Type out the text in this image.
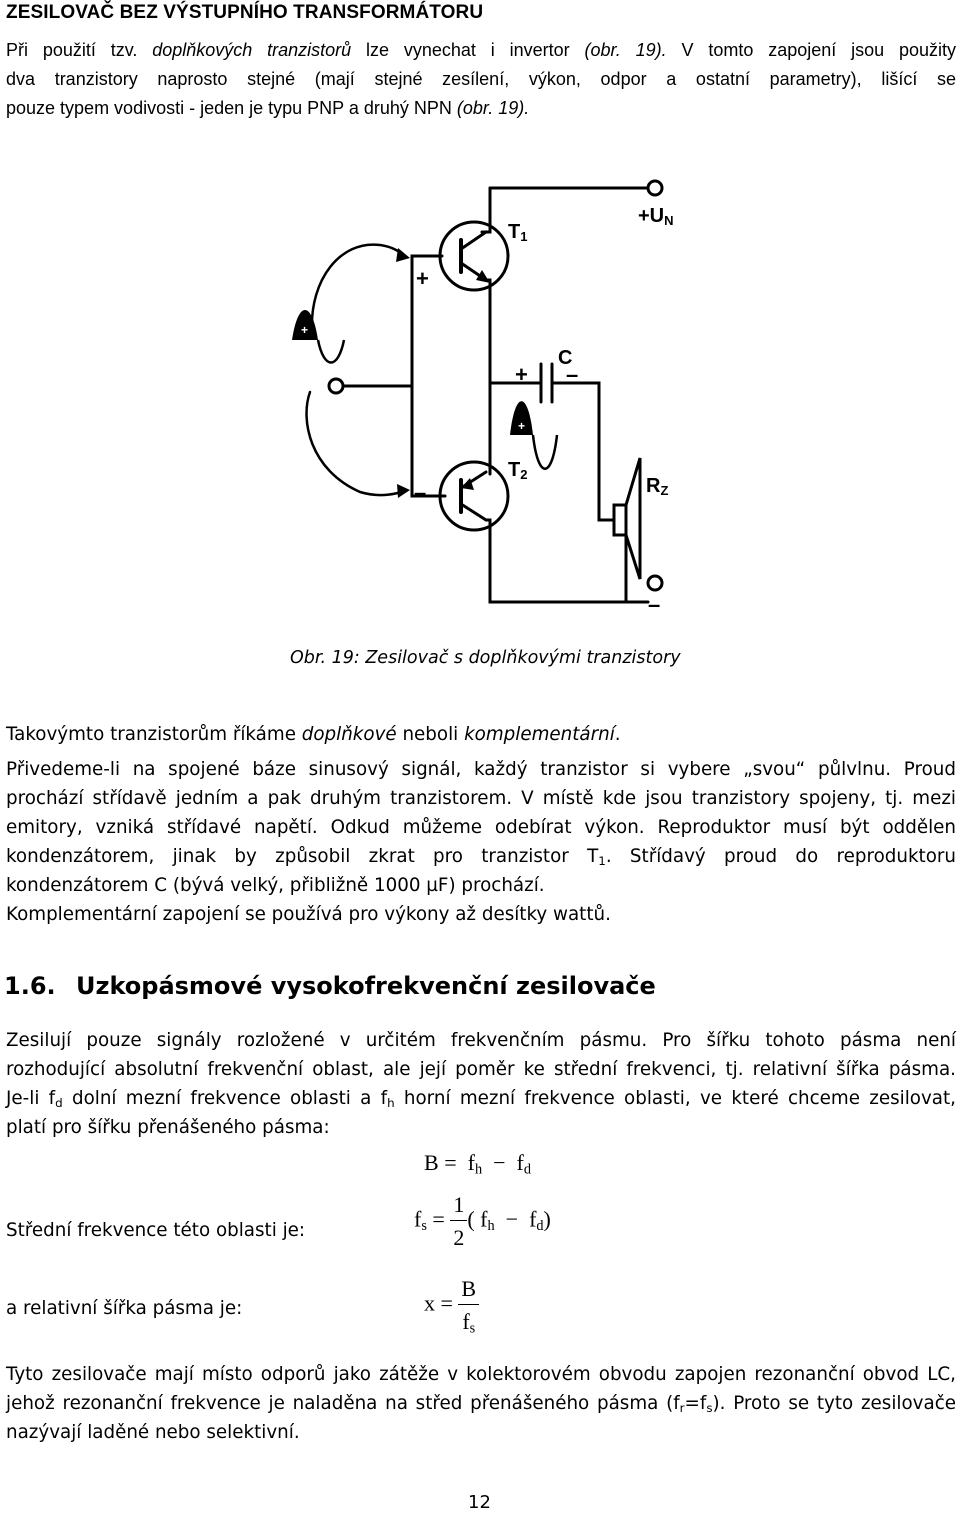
ZESILOVAČ BEZ VÝSTUPNÍHO TRANSFORMÁTORU
Při použití tzv. doplňkových tranzistorů lze vynechat i invertor (obr. 19). V tomto zapojení jsou použity
dva tranzistory naprosto stejné (mají stejné zesílení, výkon, odpor a ostatní parametry), lišící se
pouze typem vodivosti - jeden je typu PNP a druhý NPN (obr. 19).
+UN
T1
T2
C
RZ
+
–
+ –
–
+
+
Obr. 19: Zesilovač s doplňkovými tranzistory
Takovýmto tranzistorům říkáme doplňkové neboli komplementární.
Přivedeme-li na spojené báze sinusový signál, každý tranzistor si vybere „svou“ půlvlnu. Proud
prochází střídavě jedním a pak druhým tranzistorem. V místě kde jsou tranzistory spojeny, tj. mezi
emitory, vzniká střídavé napětí. Odkud můžeme odebírat výkon. Reproduktor musí být oddělen
kondenzátorem, jinak by způsobil zkrat pro tranzistor $T_1$. Střídavý proud do reproduktoru
kondenzátorem C (bývá velký, přibližně 1000 µF) prochází.
Komplementární zapojení se používá pro výkony až desítky wattů.
1.6. Uzkopásmové vysokofrekvenční zesilovače
Zesilují pouze signály rozložené v určitém frekvenčním pásmu. Pro šířku tohoto pásma není
rozhodující absolutní frekvenční oblast, ale její poměr ke střední frekvenci, tj. relativní šířka pásma.
Je-li $f_d$ dolní mezní frekvence oblasti a $f_h$ horní mezní frekvence oblasti, ve které chceme zesilovat,
platí pro šířku přenášeného pásma:
$B = f_h - f_d$
Střední frekvence této oblasti je:	$f_s = \frac{1}{2}$ ( $f_h - f_d$)
a relativní šířka pásma je:	$x = \frac{B}{f_s}$
Tyto zesilovače mají místo odporů jako zátěže v kolektorovém obvodu zapojen rezonanční obvod LC,
jehož rezonanční frekvence je naladěna na střed přenášeného pásma $(f_r=f_s)$. Proto se tyto zesilovače
nazývají laděné nebo selektivní.
12
